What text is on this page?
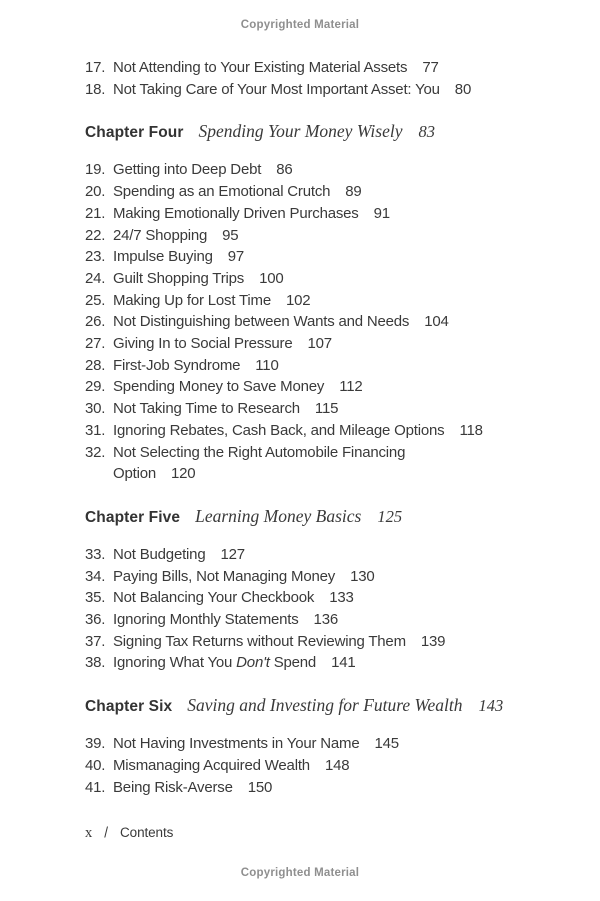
Copyrighted Material
17. Not Attending to Your Existing Material Assets 77
18. Not Taking Care of Your Most Important Asset: You 80
Chapter Four Spending Your Money Wisely 83
19. Getting into Deep Debt 86
20. Spending as an Emotional Crutch 89
21. Making Emotionally Driven Purchases 91
22. 24/7 Shopping 95
23. Impulse Buying 97
24. Guilt Shopping Trips 100
25. Making Up for Lost Time 102
26. Not Distinguishing between Wants and Needs 104
27. Giving In to Social Pressure 107
28. First-Job Syndrome 110
29. Spending Money to Save Money 112
30. Not Taking Time to Research 115
31. Ignoring Rebates, Cash Back, and Mileage Options 118
32. Not Selecting the Right Automobile Financing
Option 120
Chapter Five Learning Money Basics 125
33. Not Budgeting 127
34. Paying Bills, Not Managing Money 130
35. Not Balancing Your Checkbook 133
36. Ignoring Monthly Statements 136
37. Signing Tax Returns without Reviewing Them 139
38. Ignoring What You Don't Spend 141
Chapter Six Saving and Investing for Future Wealth 143
39. Not Having Investments in Your Name 145
40. Mismanaging Acquired Wealth 148
41. Being Risk-Averse 150
x / Contents
Copyrighted Material
